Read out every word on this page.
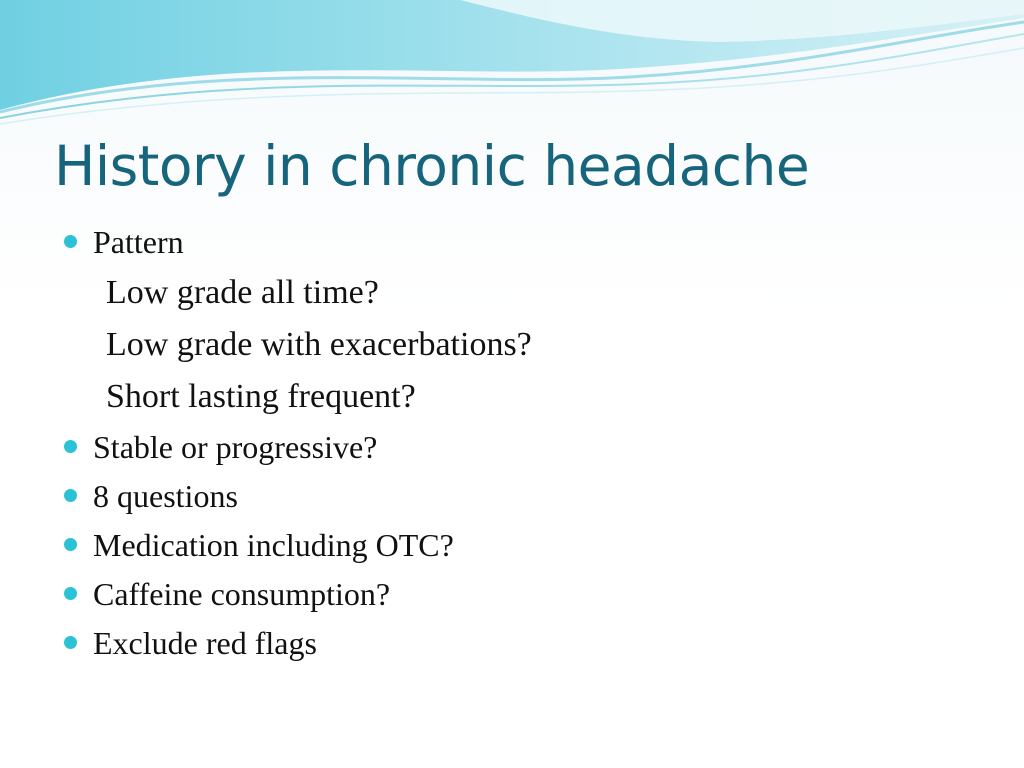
History in chronic headache
Pattern
Low grade all time?
Low grade with exacerbations?
Short lasting frequent?
Stable or progressive?
8 questions
Medication including OTC?
Caffeine consumption?
Exclude red flags
